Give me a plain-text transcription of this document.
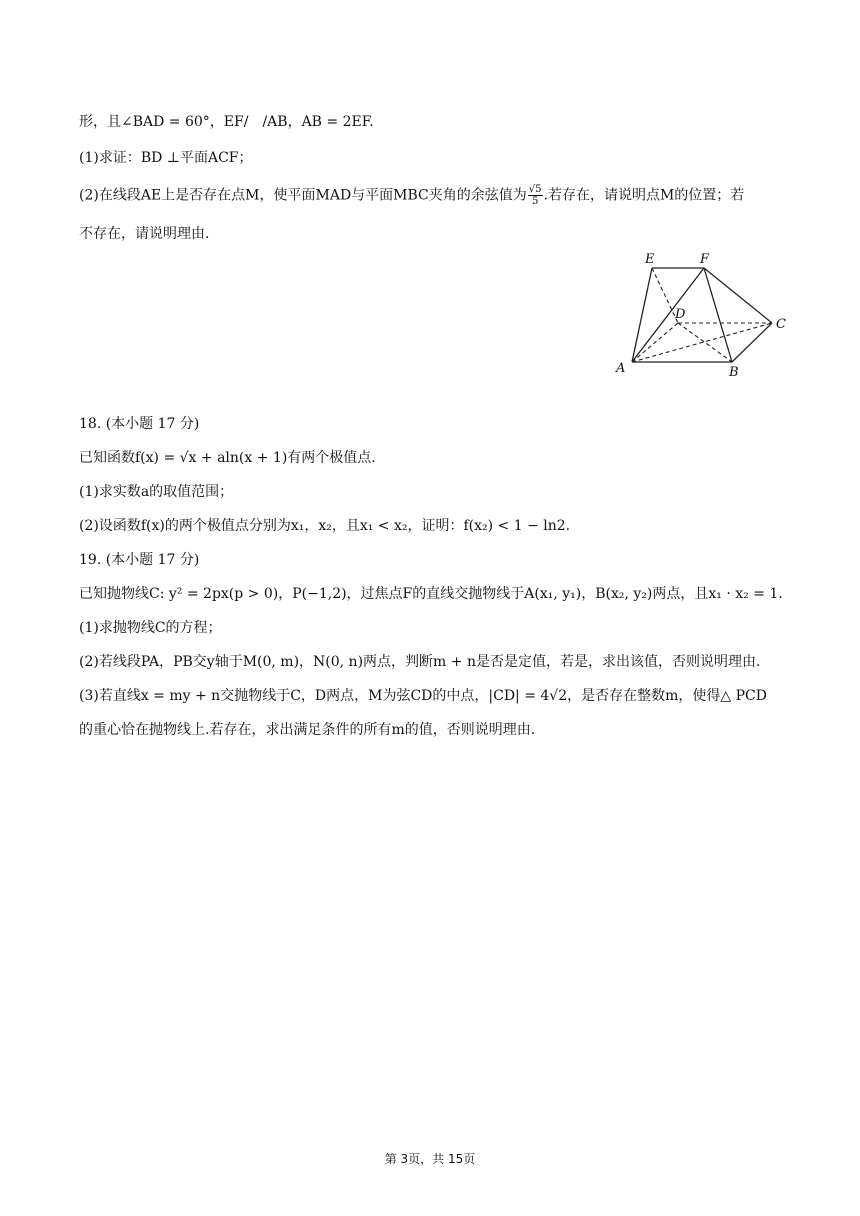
形，且∠BAD = 60°，EF/　/AB，AB = 2EF.
(1)求证：BD ⊥平面ACF；
(2)在线段AE上是否存在点M，使平面MAD与平面MBC夹角的余弦值为 $\frac{√5}{5}$ .若存在，请说明点M的位置；若
不存在，请说明理由.
E	F
D
C
A	B
18. (本小题 17 分)
已知函数f(x) = √x + aln(x + 1)有两个极值点.
(1)求实数a的取值范围；
(2)设函数f(x)的两个极值点分别为x₁，x₂，且x₁ < x₂，证明：f(x₂) < 1 − ln2.
19. (本小题 17 分)
已知抛物线C: y² = 2px(p > 0)，P(−1,2)，过焦点F的直线交抛物线于A(x₁, y₁)，B(x₂, y₂)两点，且x₁ · x₂ = 1.
(1)求抛物线C的方程；
(2)若线段PA，PB交y轴于M(0, m)，N(0, n)两点，判断m + n是否是定值，若是，求出该值，否则说明理由.
(3)若直线x = my + n交抛物线于C，D两点，M为弦CD的中点，|CD| = 4√2，是否存在整数m，使得△ PCD
的重心恰在抛物线上.若存在，求出满足条件的所有m的值，否则说明理由.
第 3页，共 15页
